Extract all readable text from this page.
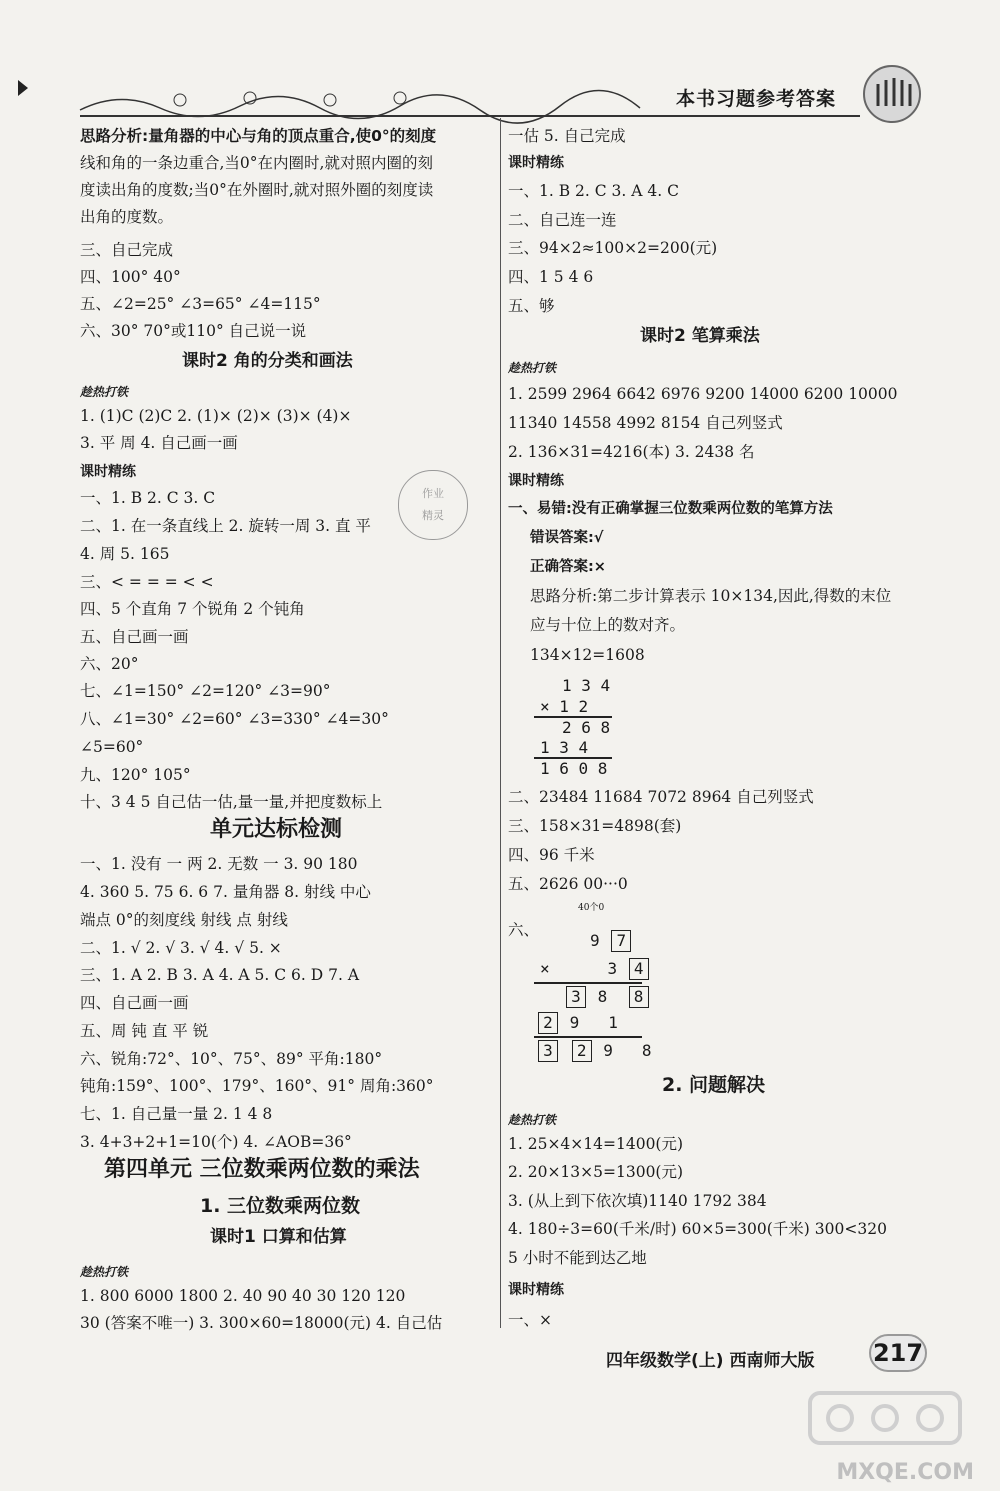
本书习题参考答案
思路分析:量角器的中心与角的顶点重合,使0°的刻度
线和角的一条边重合,当0°在内圈时,就对照内圈的刻
度读出角的度数;当0°在外圈时,就对照外圈的刻度读
出角的度数。
三、自己完成
四、100° 40°
五、∠2=25° ∠3=65° ∠4=115°
六、30° 70°或110° 自己说一说
课时2 角的分类和画法
趁热打铁
1. (1)C (2)C 2. (1)× (2)× (3)× (4)×
3. 平 周 4. 自己画一画
课时精练
一、1. B 2. C 3. C
二、1. 在一条直线上 2. 旋转一周 3. 直 平
4. 周 5. 165
三、< = = = < <
四、5 个直角 7 个锐角 2 个钝角
五、自己画一画
六、20°
七、∠1=150° ∠2=120° ∠3=90°
八、∠1=30° ∠2=60° ∠3=330° ∠4=30°
∠5=60°
九、120° 105°
十、3 4 5 自己估一估,量一量,并把度数标上
作业
精灵
单元达标检测
一、1. 没有 一 两 2. 无数 一 3. 90 180
4. 360 5. 75 6. 6 7. 量角器 8. 射线 中心
端点 0°的刻度线 射线 点 射线
二、1. √ 2. √ 3. √ 4. √ 5. ×
三、1. A 2. B 3. A 4. A 5. C 6. D 7. A
四、自己画一画
五、周 钝 直 平 锐
六、锐角:72°、10°、75°、89° 平角:180°
钝角:159°、100°、179°、160°、91° 周角:360°
七、1. 自己量一量 2. 1 4 8
3. 4+3+2+1=10(个) 4. ∠AOB=36°
第四单元 三位数乘两位数的乘法
1. 三位数乘两位数
课时1 口算和估算
趁热打铁
1. 800 6000 1800 2. 40 90 40 30 120 120
30 (答案不唯一) 3. 300×60=18000(元) 4. 自己估
一估 5. 自己完成
课时精练
一、1. B 2. C 3. A 4. C
二、自己连一连
三、94×2≈100×2=200(元)
四、1 5 4 6
五、够
课时2 笔算乘法
趁热打铁
1. 2599 2964 6642 6976 9200 14000 6200 10000
11340 14558 4992 8154 自己列竖式
2. 136×31=4216(本) 3. 2438 名
课时精练
一、易错:没有正确掌握三位数乘两位数的笔算方法
错误答案:√
正确答案:×
思路分析:第二步计算表示 10×134,因此,得数的末位
应与十位上的数对齐。
134×12=1608
1 3 4
× 1 2
2 6 8
1 3 4
1 6 0 8
二、23484 11684 7072 8964 自己列竖式
三、158×31=4898(套)
四、96 千米
五、2626 00···0
40个0
六、
9 7
×	3 4
3 8 8
2 9 1
3 2 9 8
2. 问题解决
趁热打铁
1. 25×4×14=1400(元)
2. 20×13×5=1300(元)
3. (从上到下依次填)1140 1792 384
4. 180÷3=60(千米/时) 60×5=300(千米) 300<320
5 小时不能到达乙地
课时精练
一、×
四年级数学(上) 西南师大版 217
MXQE.COM
